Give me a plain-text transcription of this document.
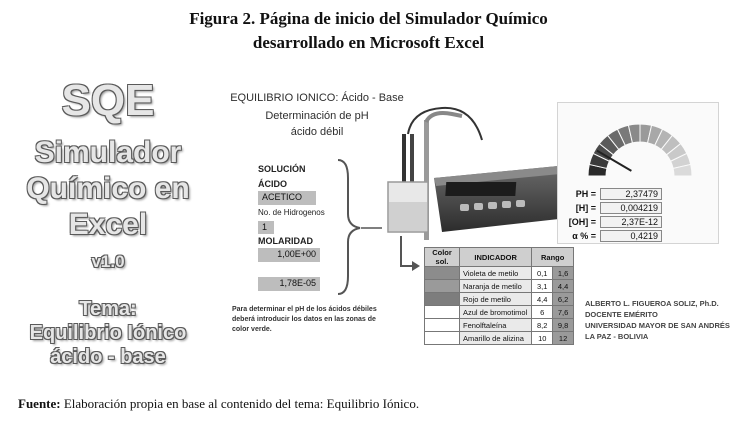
Figura 2. Página de inicio del Simulador Químico
desarrollado en Microsoft Excel
SQE
Simulador
Químico en
Excel
v1.0
Tema:
Equilibrio Iónico
ácido - base
EQUILIBRIO IONICO: Ácido - Base
Determinación de pH
ácido débil
SOLUCIÓN
ÁCIDO
ACETICO
No. de Hidrogenos
1
MOLARIDAD
1,00E+00
1,78E-05
Para determinar el pH de los ácidos débiles deberá introducir los datos en las zonas de color verde.
PH =	2,37479
[H] =	0,004219
[OH] =	2,37E-12
α % =	0,4219
Color sol.	INDICADOR	Rango	
	Violeta de metilo	0,1	1,6
	Naranja de metilo	3,1	4,4
	Rojo de metilo	4,4	6,2
	Azul de bromotimol	6	7,6
	Fenolftaleína	8,2	9,8
	Amarillo de alizina	10	12
ALBERTO L. FIGUEROA SOLIZ, Ph.D.
DOCENTE EMÉRITO
UNIVERSIDAD MAYOR DE SAN ANDRÉS
LA PAZ - BOLIVIA
Fuente: Elaboración propia en base al contenido del tema: Equilibrio Iónico.
